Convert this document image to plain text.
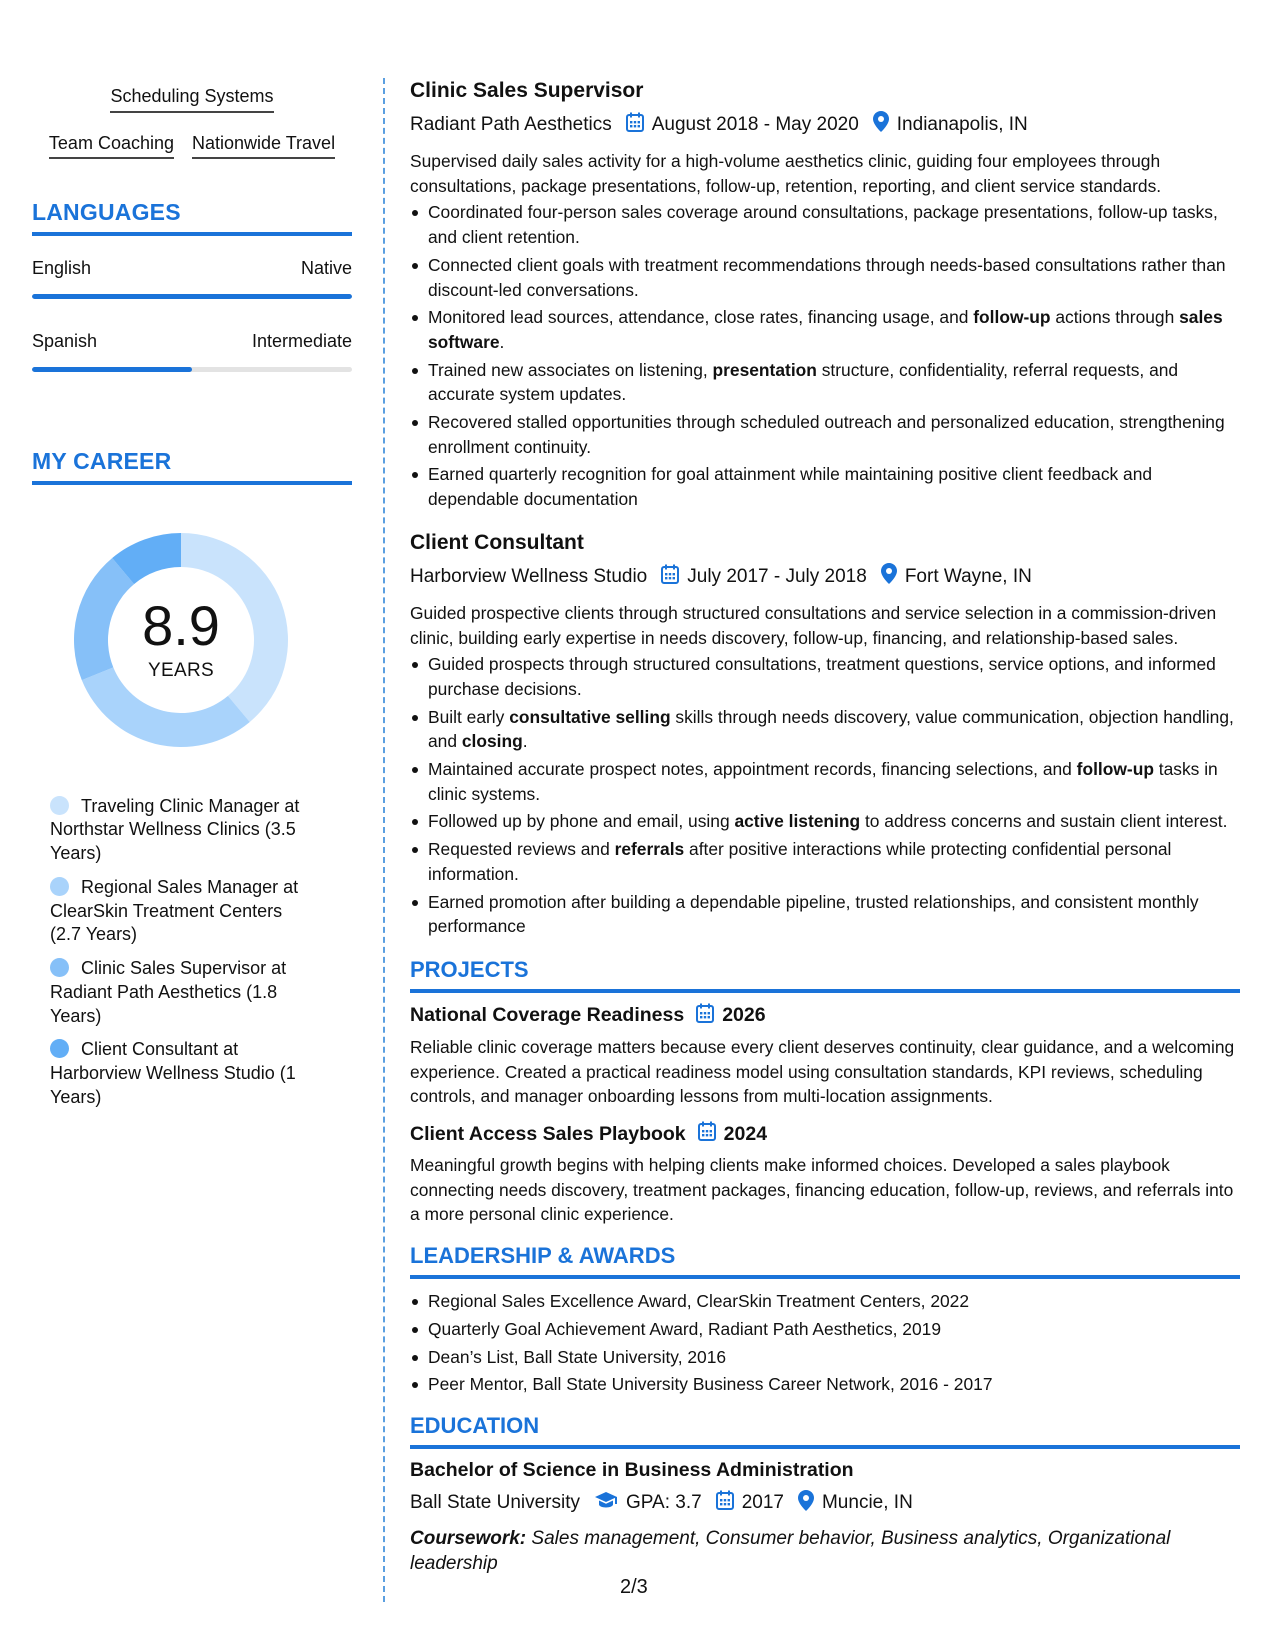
Scheduling Systems
Team Coaching Nationwide Travel
LANGUAGES
English	Native
Spanish	Intermediate
MY CAREER
8.9
YEARS
Traveling Clinic Manager at Northstar Wellness Clinics (3.5 Years)
Regional Sales Manager at ClearSkin Treatment Centers (2.7 Years)
Clinic Sales Supervisor at Radiant Path Aesthetics (1.8 Years)
Client Consultant at Harborview Wellness Studio (1 Years)
Clinic Sales Supervisor
Radiant Path Aesthetics August 2018 - May 2020 Indianapolis, IN
Supervised daily sales activity for a high-volume aesthetics clinic, guiding four employees through consultations, package presentations, follow-up, retention, reporting, and client service standards.
Coordinated four-person sales coverage around consultations, package presentations, follow-up tasks, and client retention.
Connected client goals with treatment recommendations through needs-based consultations rather than discount-led conversations.
Monitored lead sources, attendance, close rates, financing usage, and follow-up actions through sales software.
Trained new associates on listening, presentation structure, confidentiality, referral requests, and accurate system updates.
Recovered stalled opportunities through scheduled outreach and personalized education, strengthening enrollment continuity.
Earned quarterly recognition for goal attainment while maintaining positive client feedback and dependable documentation
Client Consultant
Harborview Wellness Studio July 2017 - July 2018 Fort Wayne, IN
Guided prospective clients through structured consultations and service selection in a commission-driven clinic, building early expertise in needs discovery, follow-up, financing, and relationship-based sales.
Guided prospects through structured consultations, treatment questions, service options, and informed purchase decisions.
Built early consultative selling skills through needs discovery, value communication, objection handling, and closing.
Maintained accurate prospect notes, appointment records, financing selections, and follow-up tasks in clinic systems.
Followed up by phone and email, using active listening to address concerns and sustain client interest.
Requested reviews and referrals after positive interactions while protecting confidential personal information.
Earned promotion after building a dependable pipeline, trusted relationships, and consistent monthly performance
PROJECTS
National Coverage Readiness 2026
Reliable clinic coverage matters because every client deserves continuity, clear guidance, and a welcoming experience. Created a practical readiness model using consultation standards, KPI reviews, scheduling controls, and manager onboarding lessons from multi-location assignments.
Client Access Sales Playbook 2024
Meaningful growth begins with helping clients make informed choices. Developed a sales playbook connecting needs discovery, treatment packages, financing education, follow-up, reviews, and referrals into a more personal clinic experience.
LEADERSHIP & AWARDS
Regional Sales Excellence Award, ClearSkin Treatment Centers, 2022
Quarterly Goal Achievement Award, Radiant Path Aesthetics, 2019
Dean’s List, Ball State University, 2016
Peer Mentor, Ball State University Business Career Network, 2016 - 2017
EDUCATION
Bachelor of Science in Business Administration
Ball State University GPA: 3.7 2017 Muncie, IN
Coursework: Sales management, Consumer behavior, Business analytics, Organizational leadership
2/3
